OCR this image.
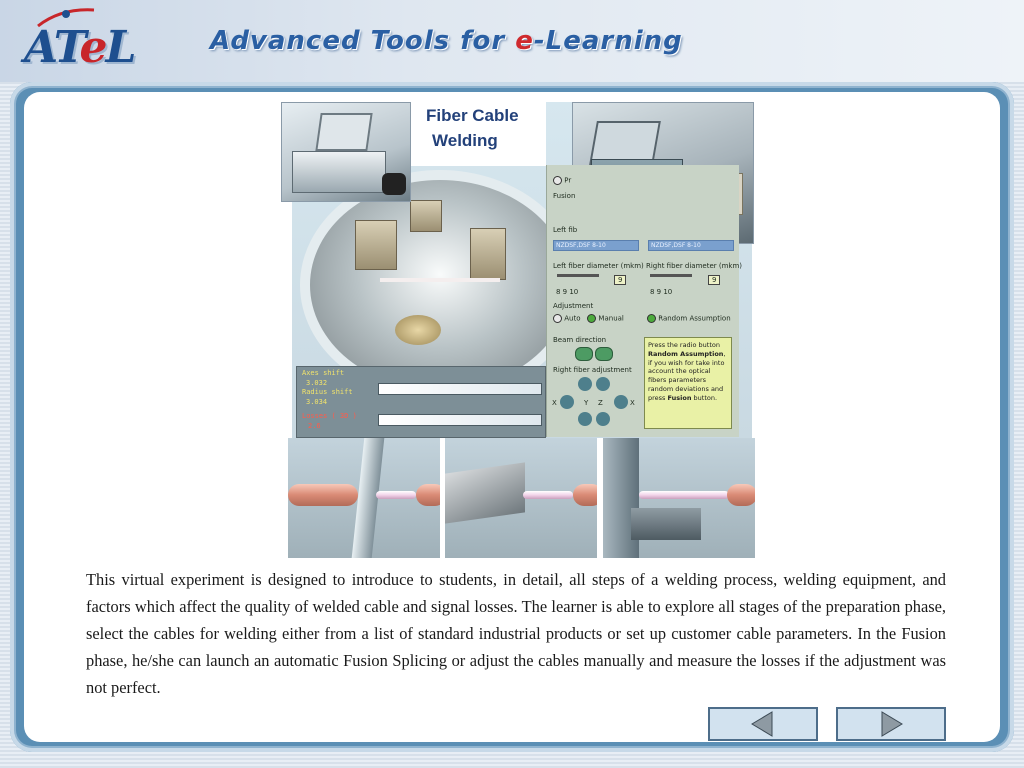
ATeL	Advanced Tools for e-Learning
Fiber Cable
Welding
Pr
Fusion
Left fib
NZDSF,DSF 8-10	NZDSF,DSF 8-10
Left fiber diameter (mkm) Right fiber diameter (mkm)
9	9
8 9 10	8 9 10
Adjustment
Auto	Manual	Random Assumption
Beam direction
Right fiber adjustment
X	Y Z	X
Press the radio button Random Assumption, if you wish for take into account the optical fibers parameters random deviations and press Fusion button.
Axes shift
3.032
Radius shift
3.034
Losses ( 3D )
2.6

This virtual experiment is designed to introduce to students, in detail, all steps of a welding process, welding equipment, and factors which affect the quality of welded cable and signal losses. The learner is able to explore all stages of the preparation phase, select the cables for welding either from a list of standard industrial products or set up customer cable parameters. In the Fusion phase, he/she can launch an automatic Fusion Splicing or adjust the cables manually and measure the losses if the adjustment was not perfect.
